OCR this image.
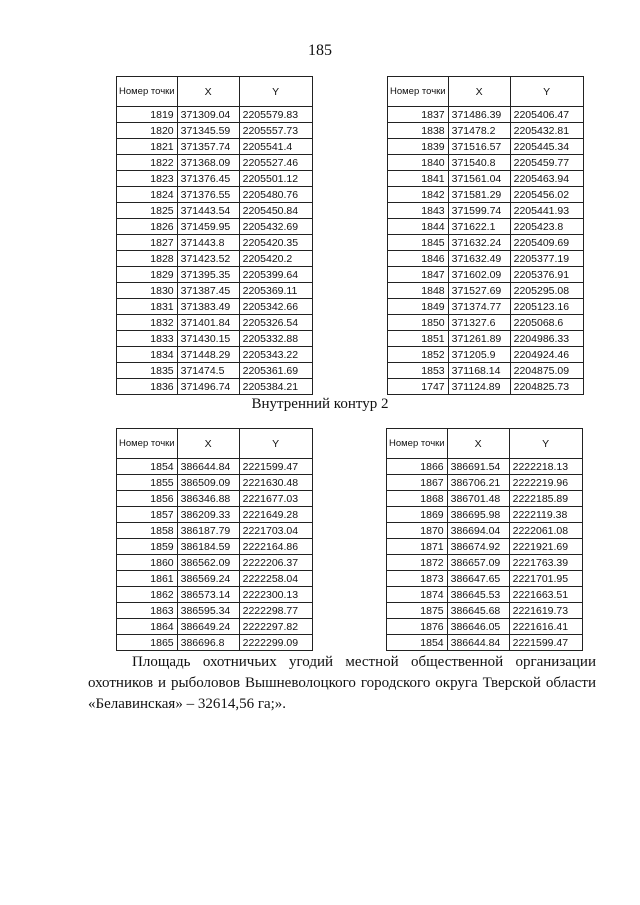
185
Номер точки	X	Y
1819	371309.04	2205579.83
1820	371345.59	2205557.73
1821	371357.74	2205541.4
1822	371368.09	2205527.46
1823	371376.45	2205501.12
1824	371376.55	2205480.76
1825	371443.54	2205450.84
1826	371459.95	2205432.69
1827	371443.8	2205420.35
1828	371423.52	2205420.2
1829	371395.35	2205399.64
1830	371387.45	2205369.11
1831	371383.49	2205342.66
1832	371401.84	2205326.54
1833	371430.15	2205332.88
1834	371448.29	2205343.22
1835	371474.5	2205361.69
1836	371496.74	2205384.21
Номер точки	X	Y
1837	371486.39	2205406.47
1838	371478.2	2205432.81
1839	371516.57	2205445.34
1840	371540.8	2205459.77
1841	371561.04	2205463.94
1842	371581.29	2205456.02
1843	371599.74	2205441.93
1844	371622.1	2205423.8
1845	371632.24	2205409.69
1846	371632.49	2205377.19
1847	371602.09	2205376.91
1848	371527.69	2205295.08
1849	371374.77	2205123.16
1850	371327.6	2205068.6
1851	371261.89	2204986.33
1852	371205.9	2204924.46
1853	371168.14	2204875.09
1747	371124.89	2204825.73
Внутренний контур 2
Номер точки	X	Y
1854	386644.84	2221599.47
1855	386509.09	2221630.48
1856	386346.88	2221677.03
1857	386209.33	2221649.28
1858	386187.79	2221703.04
1859	386184.59	2222164.86
1860	386562.09	2222206.37
1861	386569.24	2222258.04
1862	386573.14	2222300.13
1863	386595.34	2222298.77
1864	386649.24	2222297.82
1865	386696.8	2222299.09
Номер точки	X	Y
1866	386691.54	2222218.13
1867	386706.21	2222219.96
1868	386701.48	2222185.89
1869	386695.98	2222119.38
1870	386694.04	2222061.08
1871	386674.92	2221921.69
1872	386657.09	2221763.39
1873	386647.65	2221701.95
1874	386645.53	2221663.51
1875	386645.68	2221619.73
1876	386646.05	2221616.41
1854	386644.84	2221599.47
Площадь охотничьих угодий местной общественной организации охотников и рыболовов Вышневолоцкого городского округа Тверской области «Белавинская» – 32614,56 га;».
